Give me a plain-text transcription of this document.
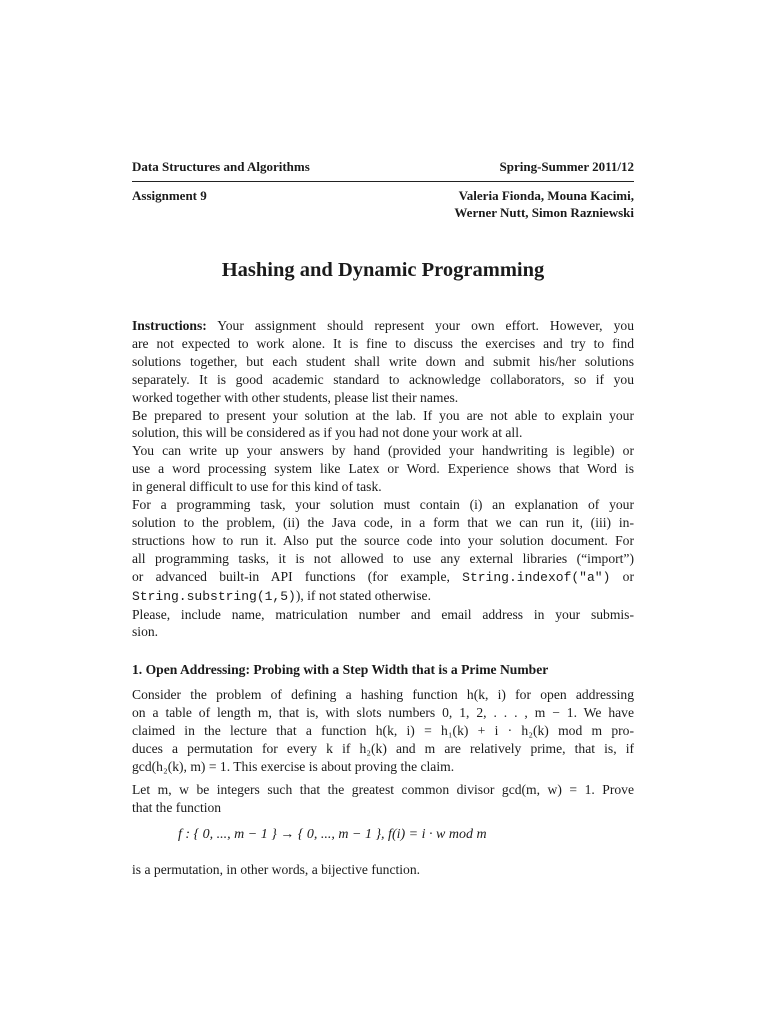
Data Structures and Algorithms	Spring-Summer 2011/12
Assignment 9	Valeria Fionda, Mouna Kacimi,
Werner Nutt, Simon Razniewski
Hashing and Dynamic Programming
Instructions: Your assignment should represent your own effort. However, you
are not expected to work alone. It is fine to discuss the exercises and try to find
solutions together, but each student shall write down and submit his/her solutions
separately. It is good academic standard to acknowledge collaborators, so if you
worked together with other students, please list their names.
Be prepared to present your solution at the lab. If you are not able to explain your
solution, this will be considered as if you had not done your work at all.
You can write up your answers by hand (provided your handwriting is legible) or
use a word processing system like Latex or Word. Experience shows that Word is
in general difficult to use for this kind of task.
For a programming task, your solution must contain (i) an explanation of your
solution to the problem, (ii) the Java code, in a form that we can run it, (iii) in-
structions how to run it. Also put the source code into your solution document. For
all programming tasks, it is not allowed to use any external libraries (“import”)
or advanced built-in API functions (for example, String.indexof("a") or
String.substring(1,5)), if not stated otherwise.
Please, include name, matriculation number and email address in your submis-
sion.
1. Open Addressing: Probing with a Step Width that is a Prime Number
Consider the problem of defining a hashing function h(k, i) for open addressing
on a table of length m, that is, with slots numbers 0, 1, 2, . . . , m − 1. We have
claimed in the lecture that a function h(k, i) = h₁(k) + i · h₂(k) mod m pro-
duces a permutation for every k if h₂(k) and m are relatively prime, that is, if
gcd(h₂(k), m) = 1. This exercise is about proving the claim.
Let m, w be integers such that the greatest common divisor gcd(m, w) = 1. Prove
that the function
f : { 0, ..., m − 1 } → { 0, ..., m − 1 }, f(i) = i · w mod m
is a permutation, in other words, a bijective function.
